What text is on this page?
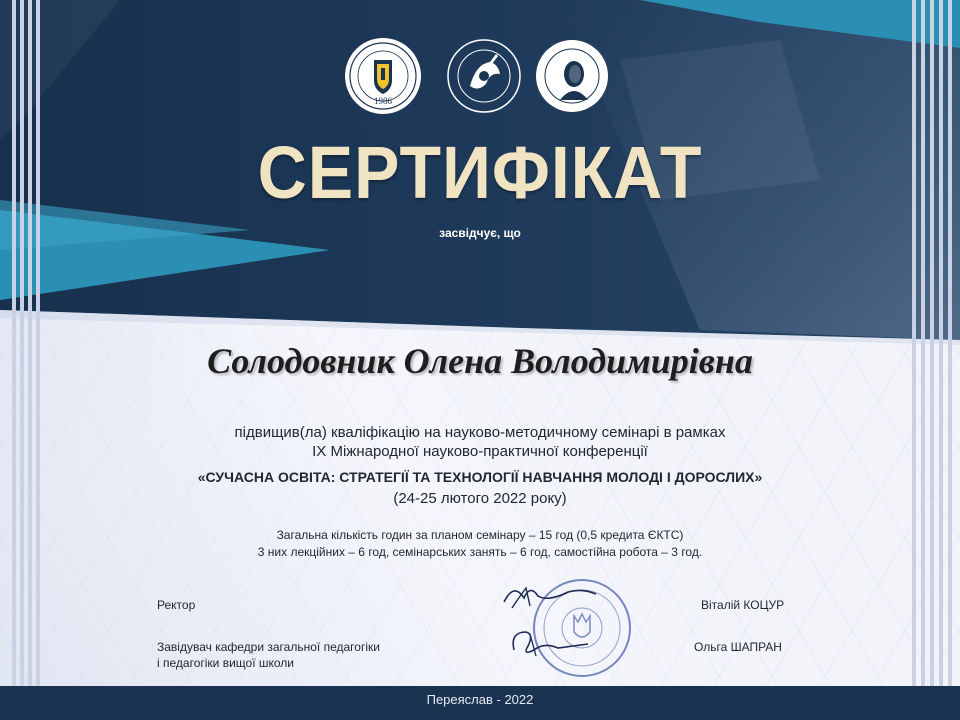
1986
СЕРТИФІКАТ
засвідчує, що
Солодовник Олена Володимирівна
підвищив(ла) кваліфікацію на науково-методичному семінарі в рамках
IX Міжнародної науково-практичної конференції
«СУЧАСНА ОСВІТА: СТРАТЕГІЇ ТА ТЕХНОЛОГІЇ НАВЧАННЯ МОЛОДІ І ДОРОСЛИХ»
(24-25 лютого 2022 року)
Загальна кількість годин за планом семінару – 15 год (0,5 кредита ЄКТС)
3 них лекційних – 6 год, семінарських занять – 6 год, самостійна робота – 3 год.
Ректор
Завідувач кафедри загальної педагогіки
і педагогіки вищої школи
Віталій КОЦУР
Ольга ШАПРАН
Переяслав - 2022
